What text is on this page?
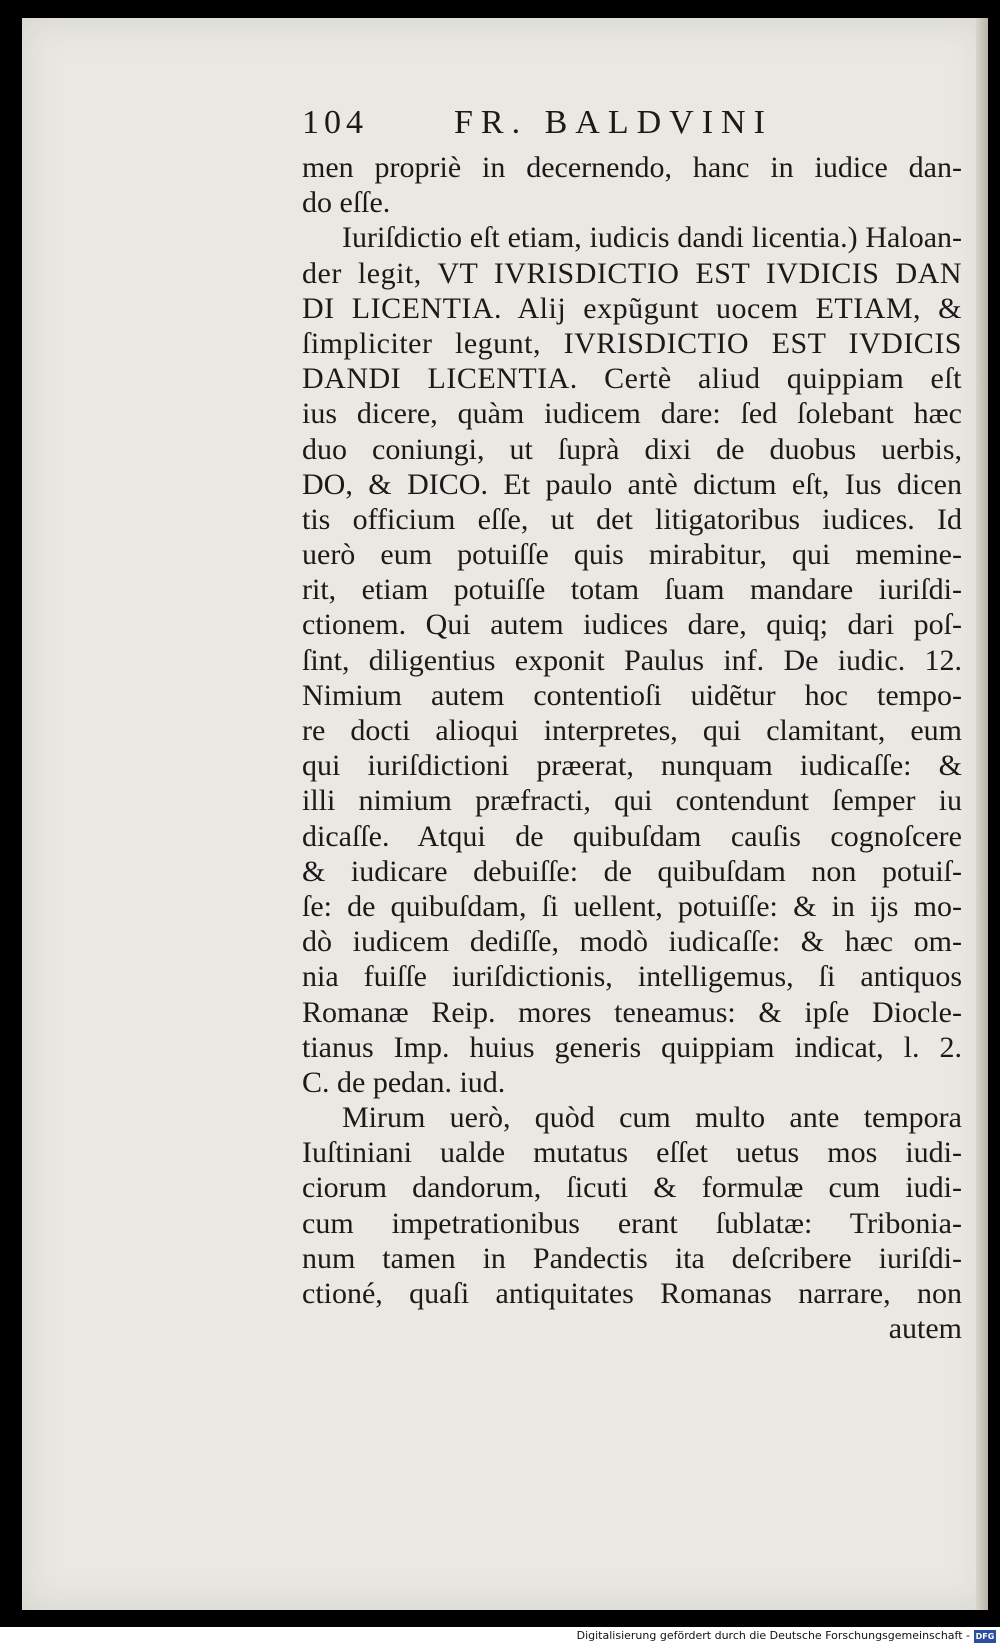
104	FR. BALDVINI
men propriè in decernendo, hanc in iudice dan-
do eſſe.
Iuriſdictio eſt etiam, iudicis dandi licentia.) Haloan-
der legit, VT IVRISDICTIO EST IVDICIS DAN
DI LICENTIA. Alij expũgunt uocem ETIAM, &
ſimpliciter legunt, IVRISDICTIO EST IVDICIS
DANDI LICENTIA. Certè aliud quippiam eſt
ius dicere, quàm iudicem dare: ſed ſolebant hæc
duo coniungi, ut ſuprà dixi de duobus uerbis,
DO, & DICO. Et paulo antè dictum eſt, Ius dicen
tis officium eſſe, ut det litigatoribus iudices. Id
uerò eum potuiſſe quis mirabitur, qui memine-
rit, etiam potuiſſe totam ſuam mandare iuriſdi-
ctionem. Qui autem iudices dare, quiq; dari poſ-
ſint, diligentius exponit Paulus inf. De iudic. 12.
Nimium autem contentioſi uidẽtur hoc tempo-
re docti alioqui interpretes, qui clamitant, eum
qui iuriſdictioni præerat, nunquam iudicaſſe: &
illi nimium præfracti, qui contendunt ſemper iu
dicaſſe. Atqui de quibuſdam cauſis cognoſcere
& iudicare debuiſſe: de quibuſdam non potuiſ-
ſe: de quibuſdam, ſi uellent, potuiſſe: & in ijs mo-
dò iudicem dediſſe, modò iudicaſſe: & hæc om-
nia fuiſſe iuriſdictionis, intelligemus, ſi antiquos
Romanæ Reip. mores teneamus: & ipſe Diocle-
tianus Imp. huius generis quippiam indicat, l. 2.
C. de pedan. iud.
Mirum uerò, quòd cum multo ante tempora
Iuſtiniani ualde mutatus eſſet uetus mos iudi-
ciorum dandorum, ſicuti & formulæ cum iudi-
cum impetrationibus erant ſublatæ: Tribonia-
num tamen in Pandectis ita deſcribere iuriſdi-
ctioné, quaſi antiquitates Romanas narrare, non
autem
Digitalisierung gefördert durch die Deutsche Forschungsgemeinschaft - DFG
